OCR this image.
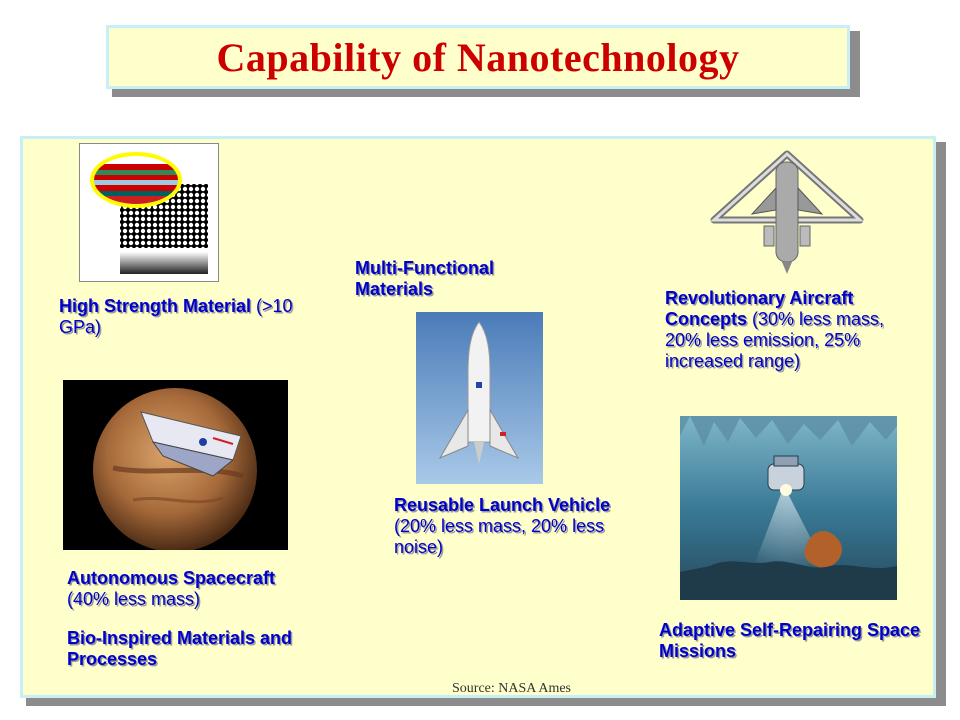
Capability of Nanotechnology
High Strength Material (>10 GPa)
Multi-Functional Materials	Revolutionary Aircraft Concepts (30% less mass, 20% less emission, 25% increased range)
Reusable Launch Vehicle (20% less mass, 20% less noise)
Autonomous Spacecraft
(40% less mass)
Bio-Inspired Materials and Processes
Adaptive Self-Repairing Space Missions
Source: NASA Ames
